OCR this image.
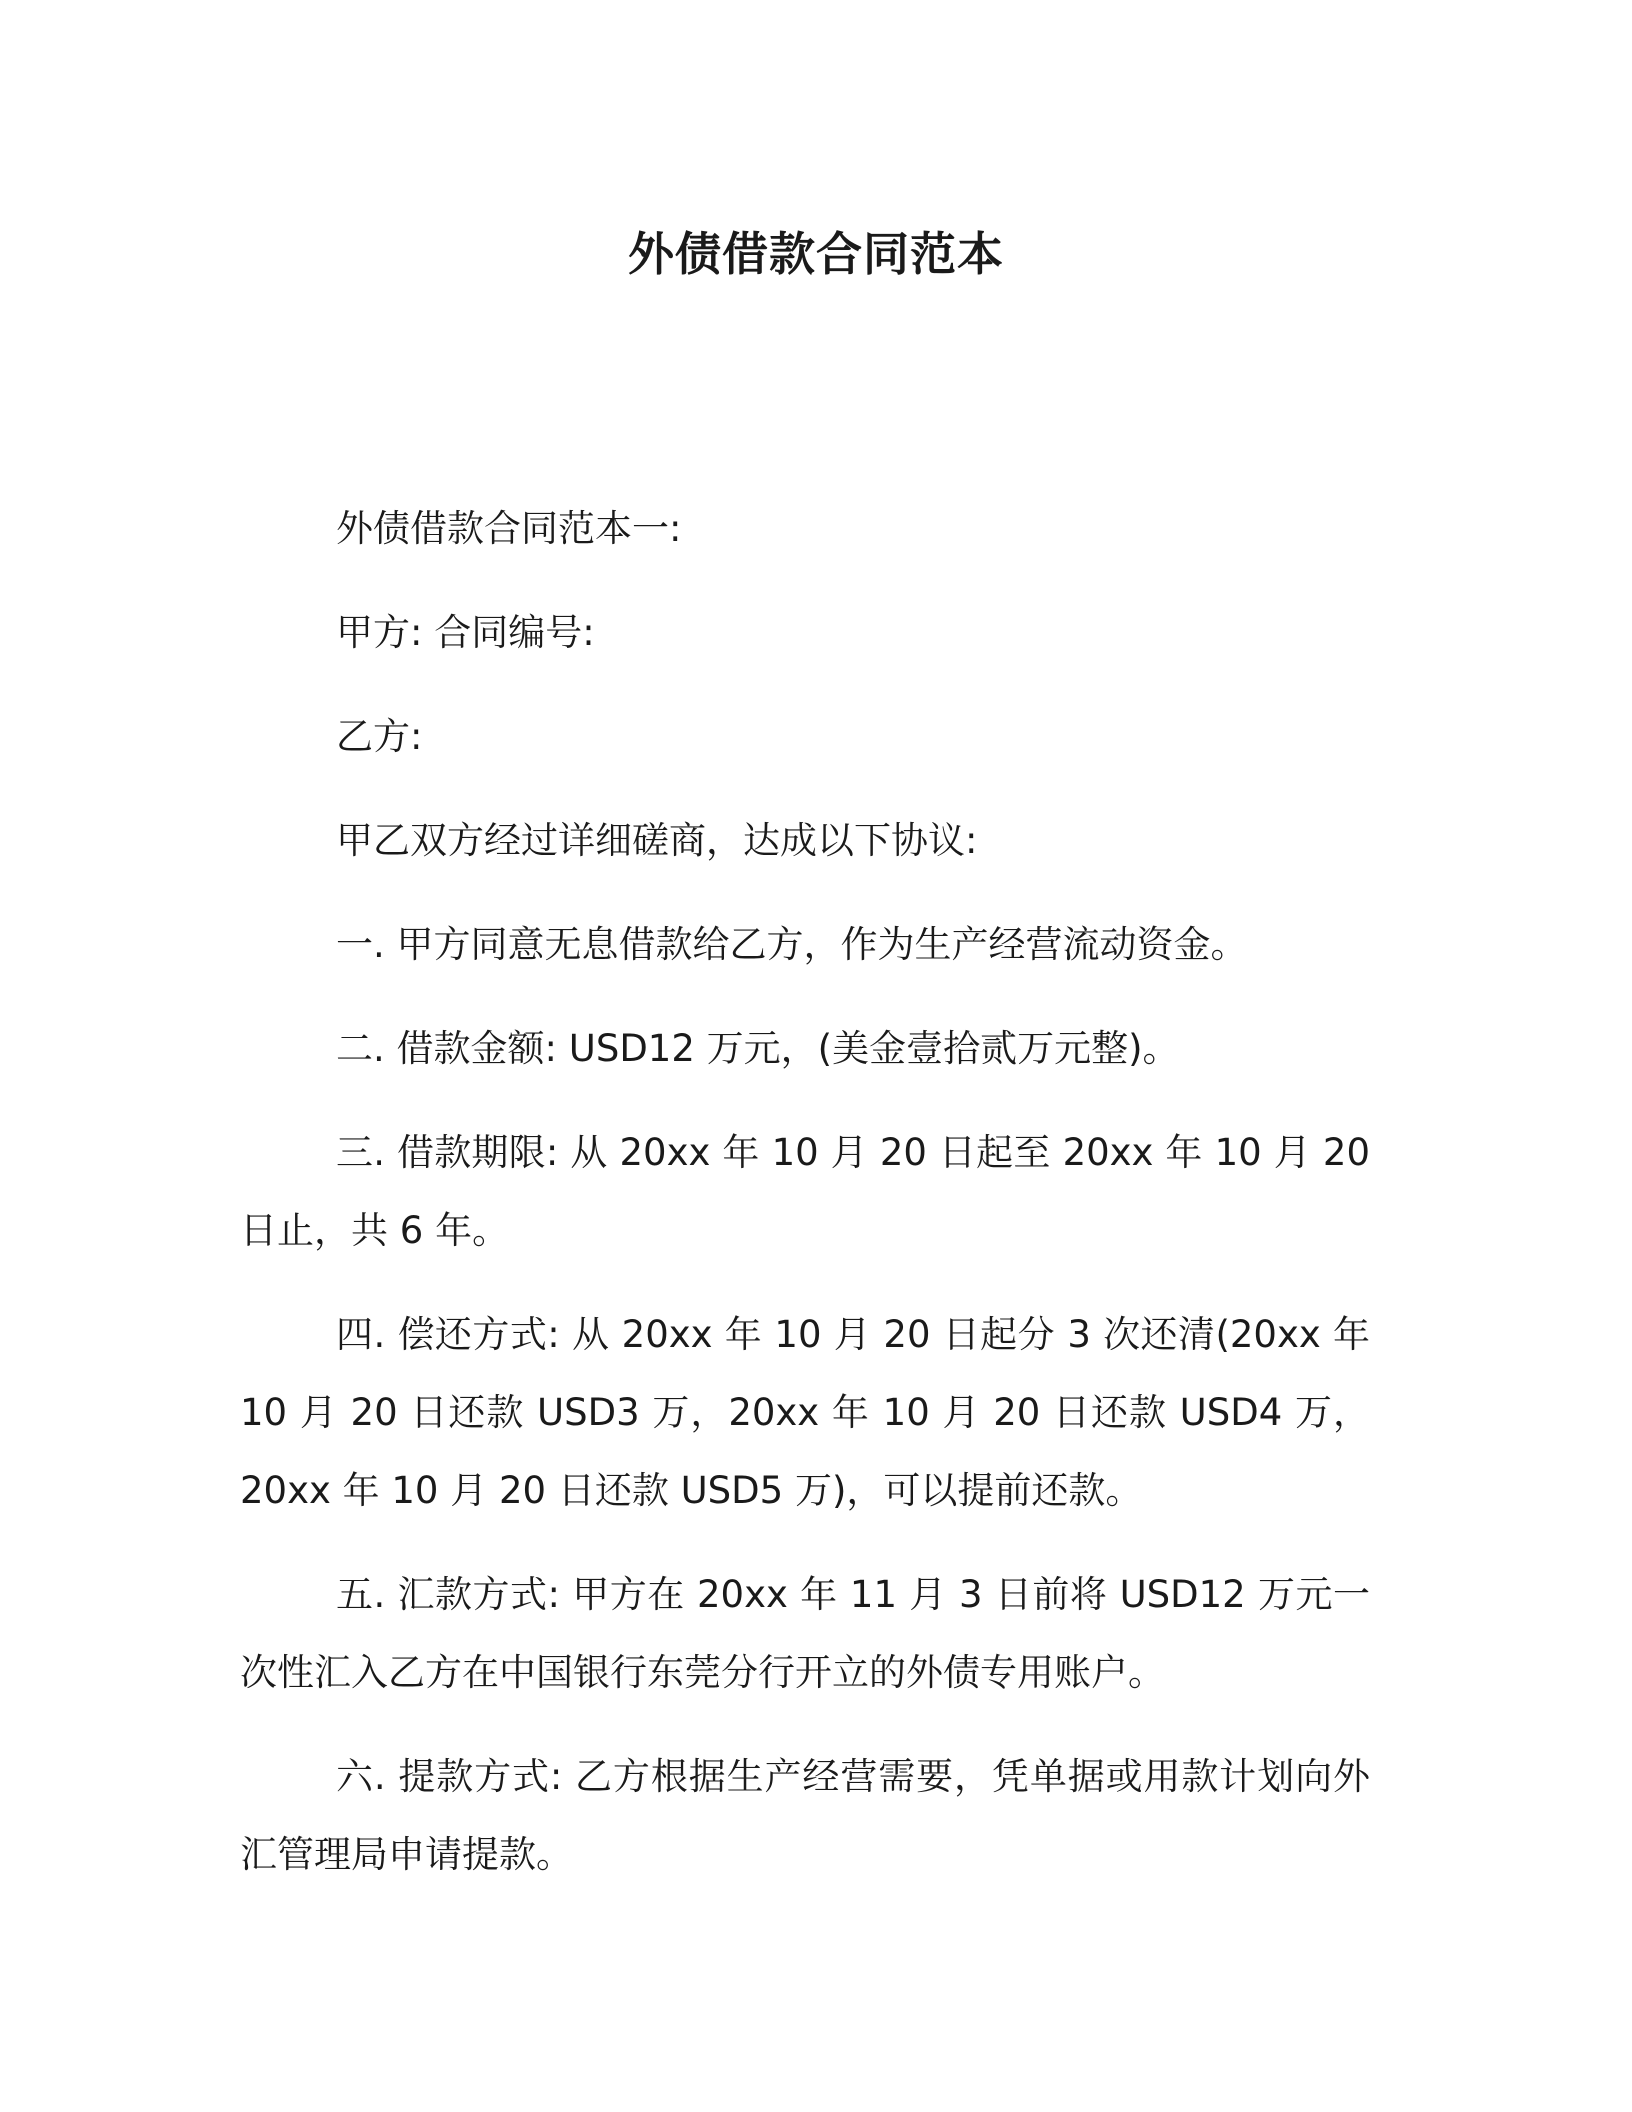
外债借款合同范本

外债借款合同范本一:

甲方: 合同编号:

乙方:

甲乙双方经过详细磋商，达成以下协议:

一. 甲方同意无息借款给乙方，作为生产经营流动资金。

二. 借款金额: USD12 万元，(美金壹拾贰万元整)。

三. 借款期限: 从 20xx 年 10 月 20 日起至 20xx 年 10 月 20 日止，共 6 年。

四. 偿还方式: 从 20xx 年 10 月 20 日起分 3 次还清(20xx 年 10 月 20 日还款 USD3 万，20xx 年 10 月 20 日还款 USD4 万，20xx 年 10 月 20 日还款 USD5 万)，可以提前还款。

五. 汇款方式: 甲方在 20xx 年 11 月 3 日前将 USD12 万元一次性汇入乙方在中国银行东莞分行开立的外债专用账户。

六. 提款方式: 乙方根据生产经营需要，凭单据或用款计划向外汇管理局申请提款。
